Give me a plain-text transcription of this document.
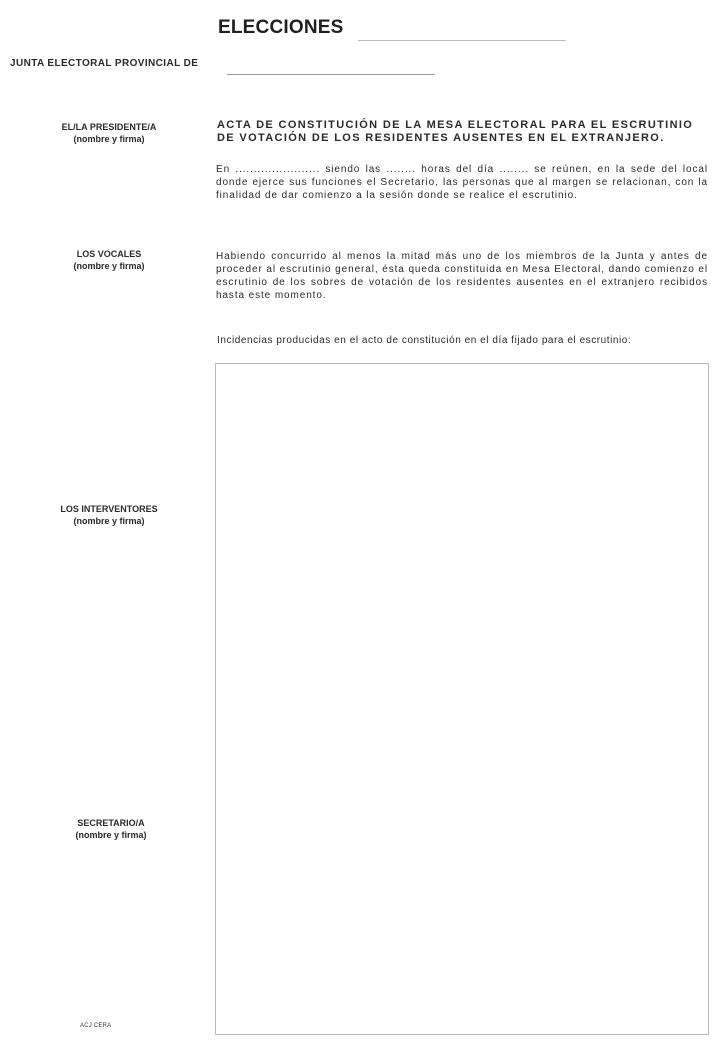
ELECCIONES
JUNTA ELECTORAL PROVINCIAL DE
EL/LA PRESIDENTE/A
(nombre y firma)
LOS VOCALES
(nombre y firma)
LOS INTERVENTORES
(nombre y firma)
SECRETARIO/A
(nombre y firma)
ACTA DE CONSTITUCIÓN DE LA MESA ELECTORAL PARA EL ESCRUTINIO DE VOTACIÓN DE LOS RESIDENTES AUSENTES EN EL EXTRANJERO.
En ....................... siendo las ........ horas del día ........ se reúnen, en la sede del local donde ejerce sus funciones el Secretario, las personas que al margen se relacionan, con la finalidad de dar comienzo a la sesión donde se realice el escrutinio.
Habiendo concurrido al menos la mitad más uno de los miembros de la Junta y antes de proceder al escrutinio general, ésta queda constituida en Mesa Electoral, dando comienzo el escrutinio de los sobres de votación de los residentes ausentes en el extranjero recibidos hasta este momento.
Incidencias producidas en el acto de constitución en el día fijado para el escrutinio:
ACJ CERA
